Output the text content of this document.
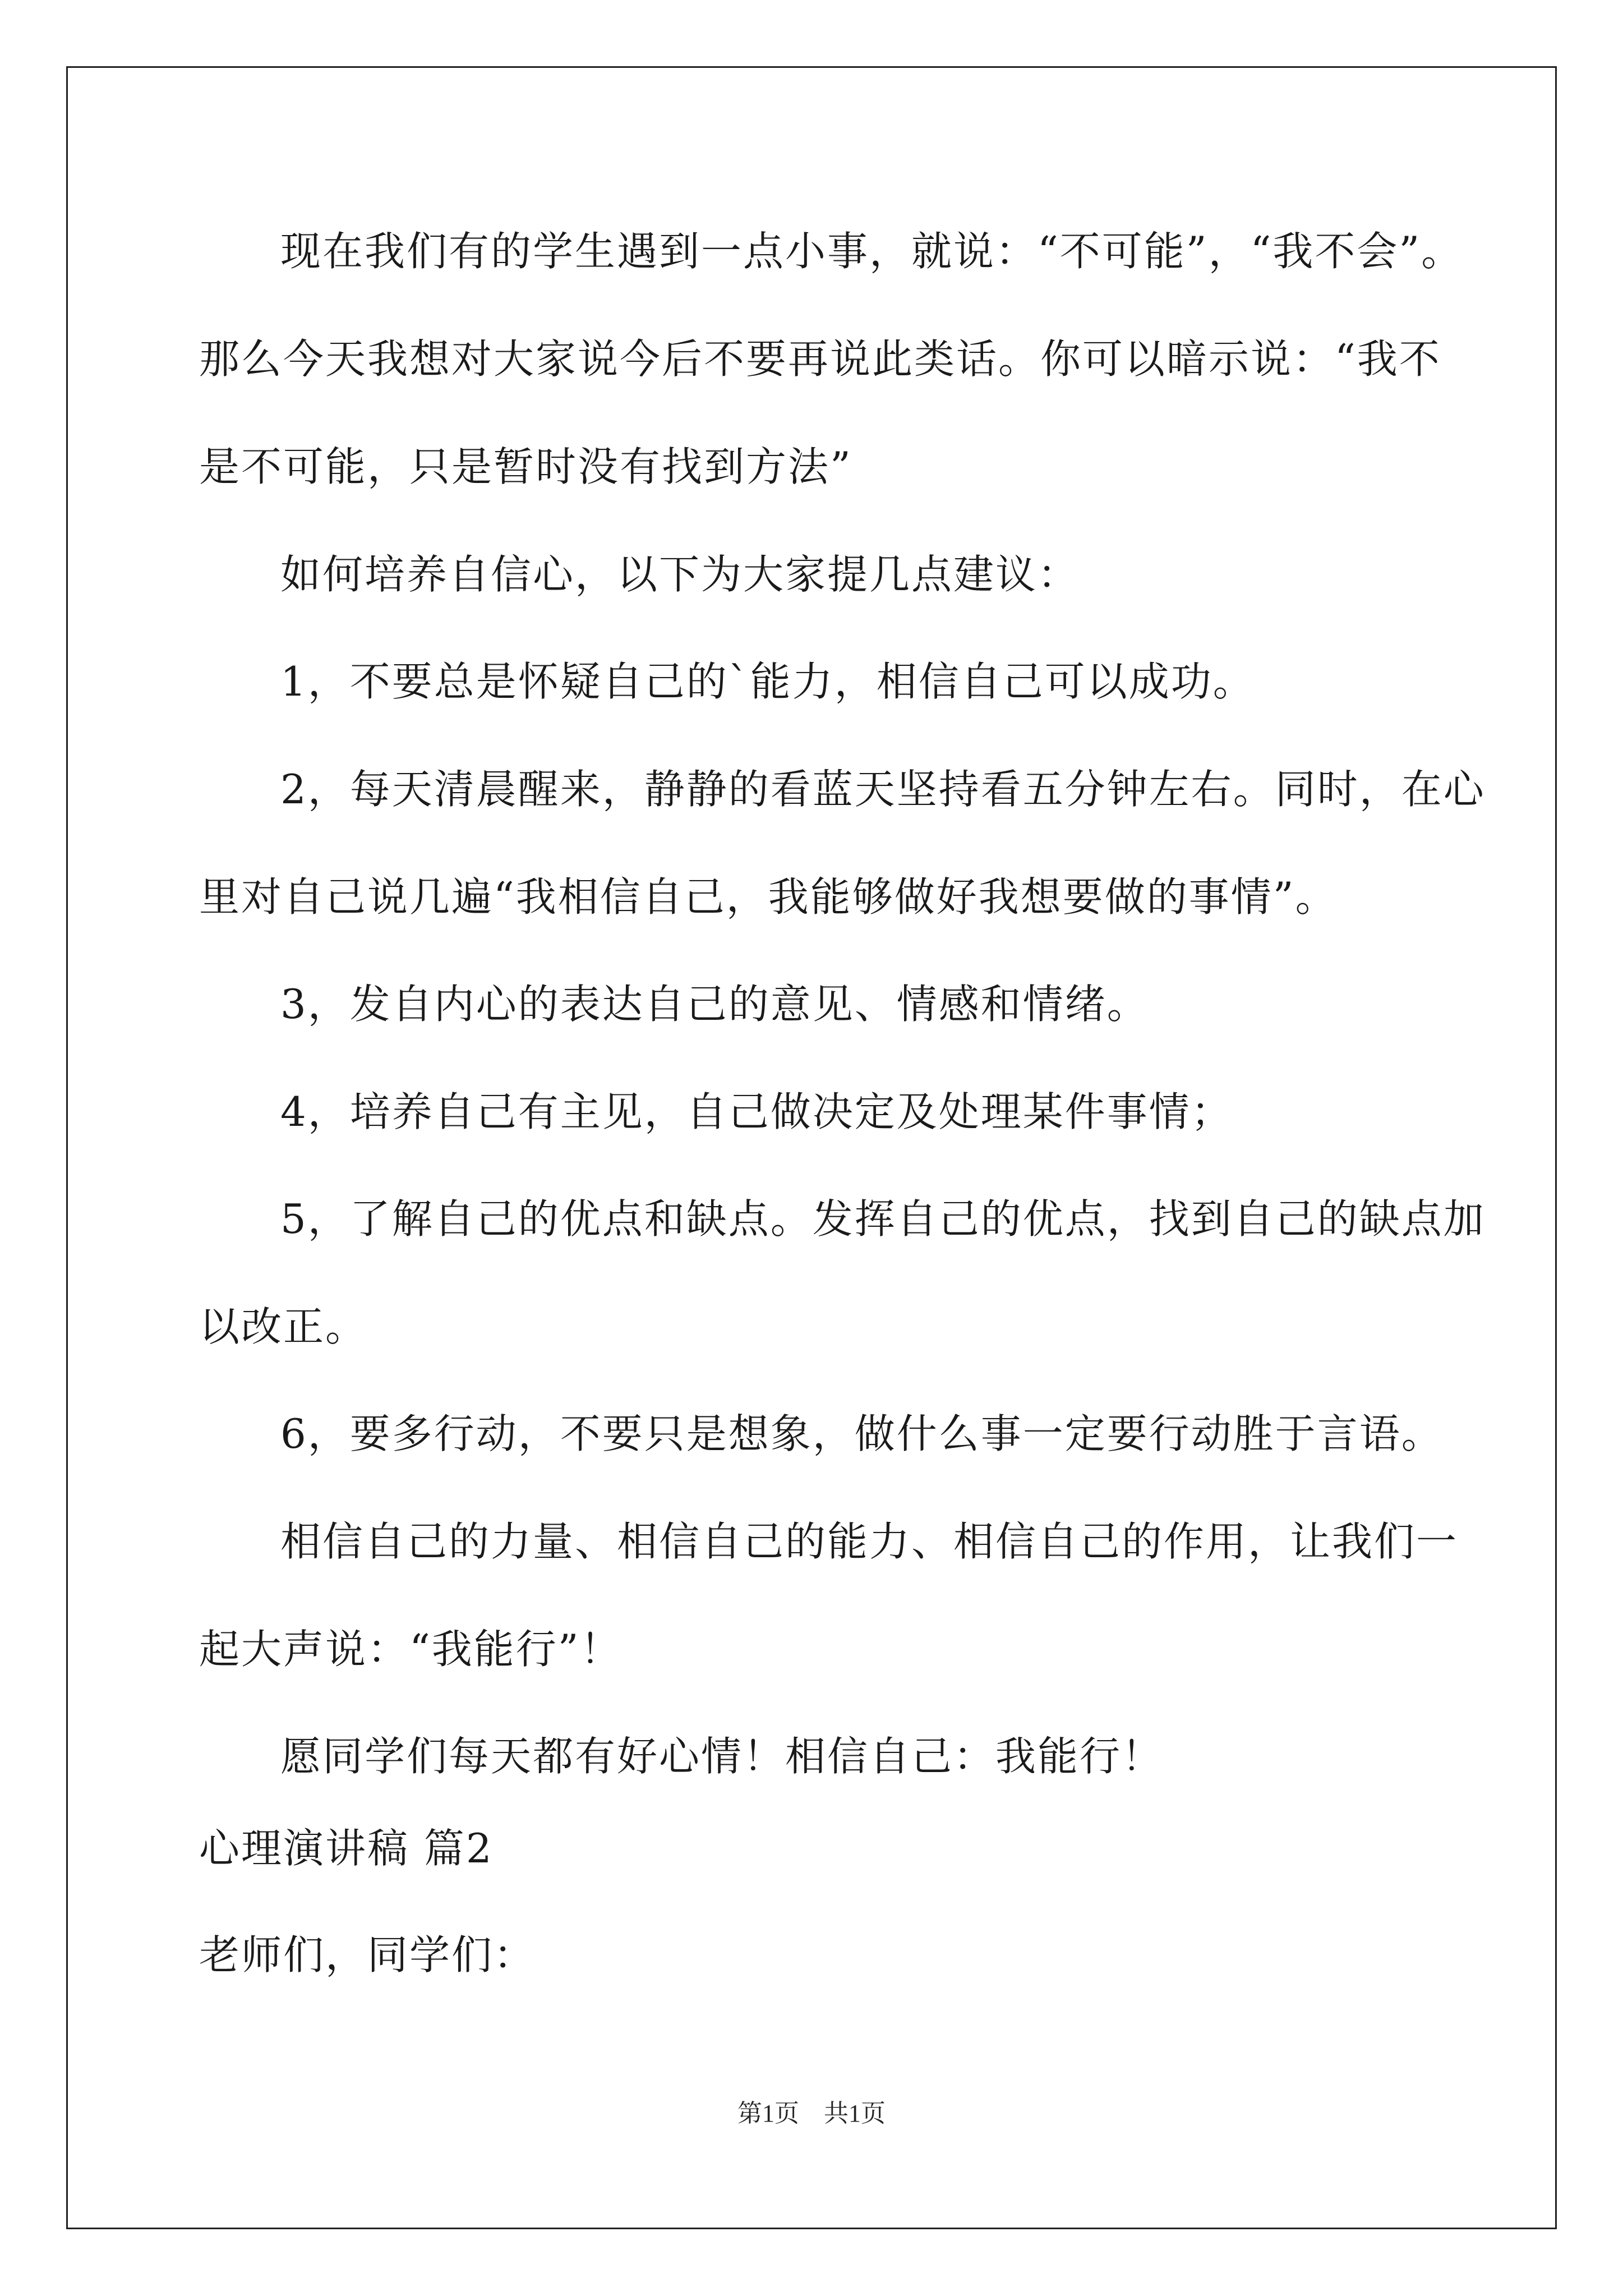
现在我们有的学生遇到一点小事，就说：“不可能”，“我不会”。
那么今天我想对大家说今后不要再说此类话。你可以暗示说：“我不
是不可能，只是暂时没有找到方法”
如何培养自信心，以下为大家提几点建议：
1，不要总是怀疑自己的`能力，相信自己可以成功。
2，每天清晨醒来，静静的看蓝天坚持看五分钟左右。同时，在心
里对自己说几遍“我相信自己，我能够做好我想要做的事情”。
3，发自内心的表达自己的意见、情感和情绪。
4，培养自己有主见，自己做决定及处理某件事情；
5，了解自己的优点和缺点。发挥自己的优点，找到自己的缺点加
以改正。
6，要多行动，不要只是想象，做什么事一定要行动胜于言语。
相信自己的力量、相信自己的能力、相信自己的作用，让我们一
起大声说：“我能行”！
愿同学们每天都有好心情！相信自己：我能行！
心理演讲稿 篇2
老师们，同学们：
第1页　共1页
